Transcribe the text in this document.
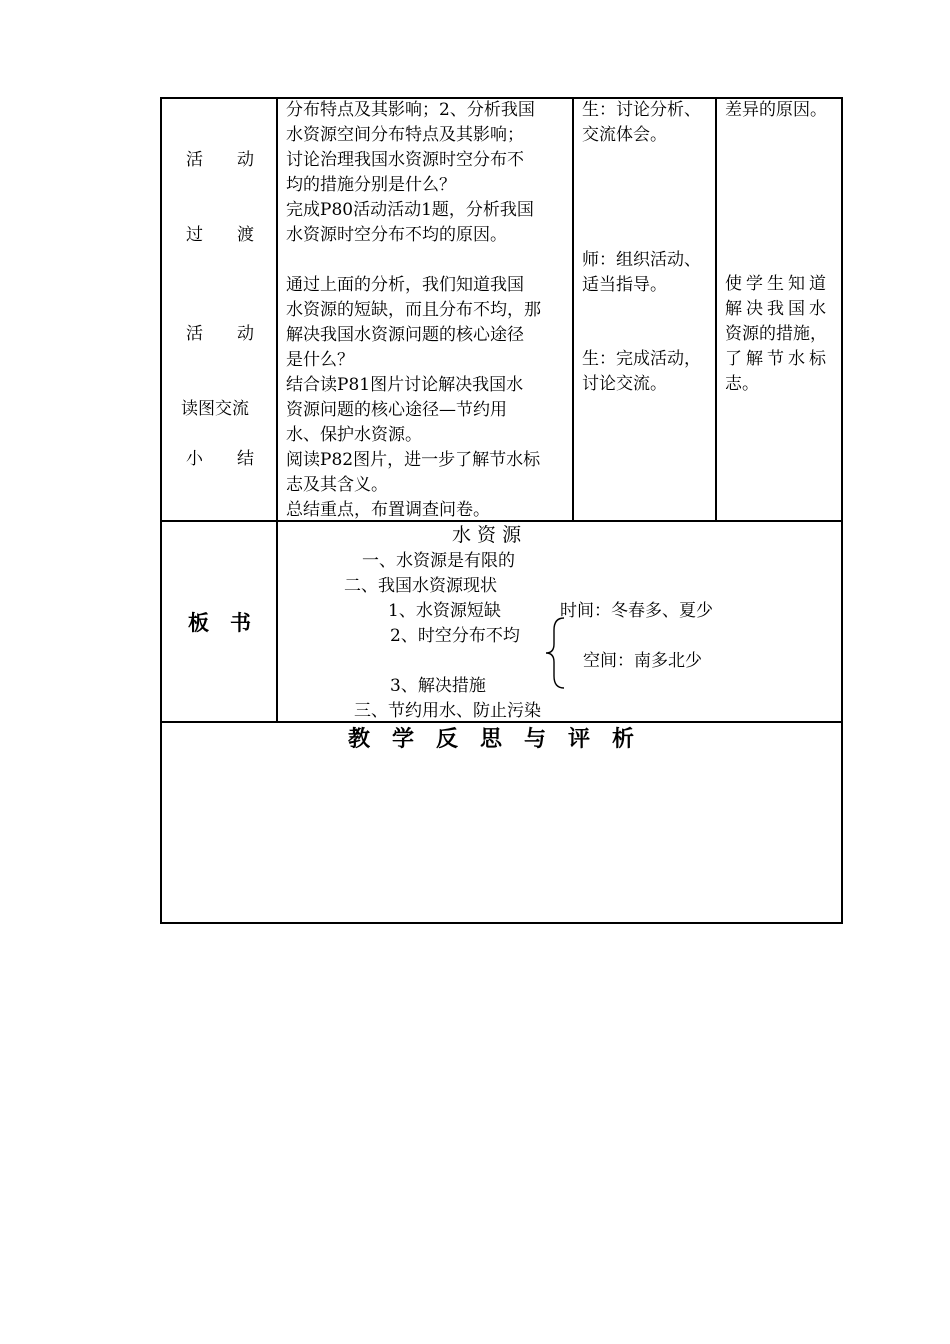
活　　动
过　　渡
活　　动
读图交流
小　　结
分布特点及其影响；2、分析我国
水资源空间分布特点及其影响；
讨论治理我国水资源时空分布不
均的措施分别是什么？
完成P80活动活动1题，分析我国
水资源时空分布不均的原因。
通过上面的分析，我们知道我国
水资源的短缺，而且分布不均，那
解决我国水资源问题的核心途径
是什么？
结合读P81图片讨论解决我国水
资源问题的核心途径—节约用
水、保护水资源。
阅读P82图片，进一步了解节水标
志及其含义。
总结重点，布置调查问卷。
生：讨论分析、
交流体会。
师：组织活动、
适当指导。
生：完成活动，
讨论交流。
差异的原因。
使学生知道
解决我国水
资源的措施，
了解节水标
志。
板　书
水 资 源
一、水资源是有限的
二、我国水资源现状
1、水资源短缺	时间：冬春多、夏少
2、时空分布不均
空间：南多北少
3、解决措施
三、节约用水、防止污染
教　学　反　思　与　评　析
